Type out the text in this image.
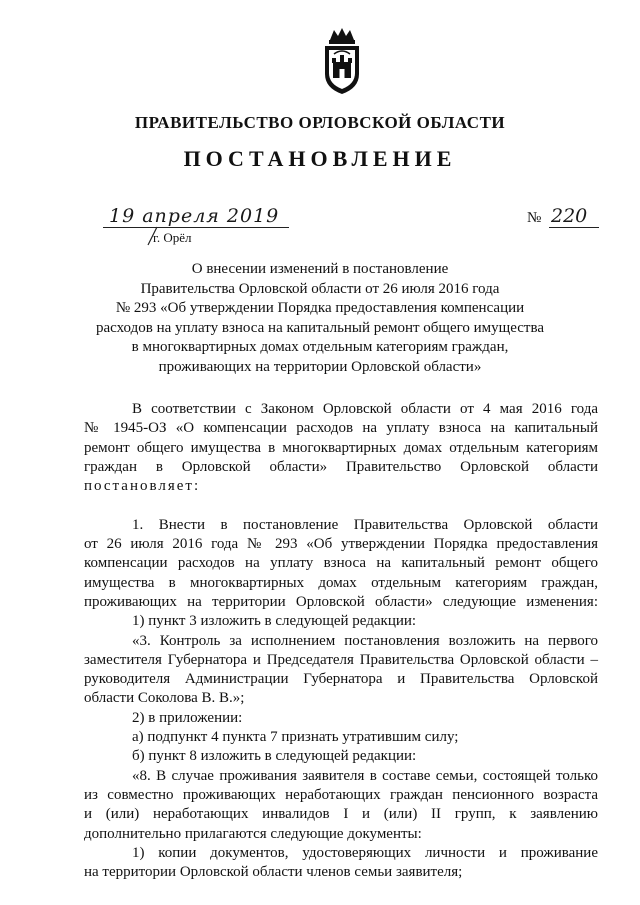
ПРАВИТЕЛЬСТВО ОРЛОВСКОЙ ОБЛАСТИ
ПОСТАНОВЛЕНИЕ
19 апреля 2019
г. Орёл
№ 220
О внесении изменений в постановление
Правительства Орловской области от 26 июля 2016 года
№ 293 «Об утверждении Порядка предоставления компенсации
расходов на уплату взноса на капитальный ремонт общего имущества
в многоквартирных домах отдельным категориям граждан,
проживающих на территории Орловской области»
В соответствии с Законом Орловской области от 4 мая 2016 года
№ 1945-ОЗ «О компенсации расходов на уплату взноса на капитальный
ремонт общего имущества в многоквартирных домах отдельным категориям
граждан в Орловской области» Правительство Орловской области
постановляет:
1. Внести в постановление Правительства Орловской области
от 26 июля 2016 года № 293 «Об утверждении Порядка предоставления
компенсации расходов на уплату взноса на капитальный ремонт общего
имущества в многоквартирных домах отдельным категориям граждан,
проживающих на территории Орловской области» следующие изменения:
1) пункт 3 изложить в следующей редакции:
«3. Контроль за исполнением постановления возложить на первого
заместителя Губернатора и Председателя Правительства Орловской области –
руководителя Администрации Губернатора и Правительства Орловской
области Соколова В. В.»;
2) в приложении:
а) подпункт 4 пункта 7 признать утратившим силу;
б) пункт 8 изложить в следующей редакции:
«8. В случае проживания заявителя в составе семьи, состоящей только
из совместно проживающих неработающих граждан пенсионного возраста
и (или) неработающих инвалидов I и (или) II групп, к заявлению
дополнительно прилагаются следующие документы:
1) копии документов, удостоверяющих личности и проживание
на территории Орловской области членов семьи заявителя;
